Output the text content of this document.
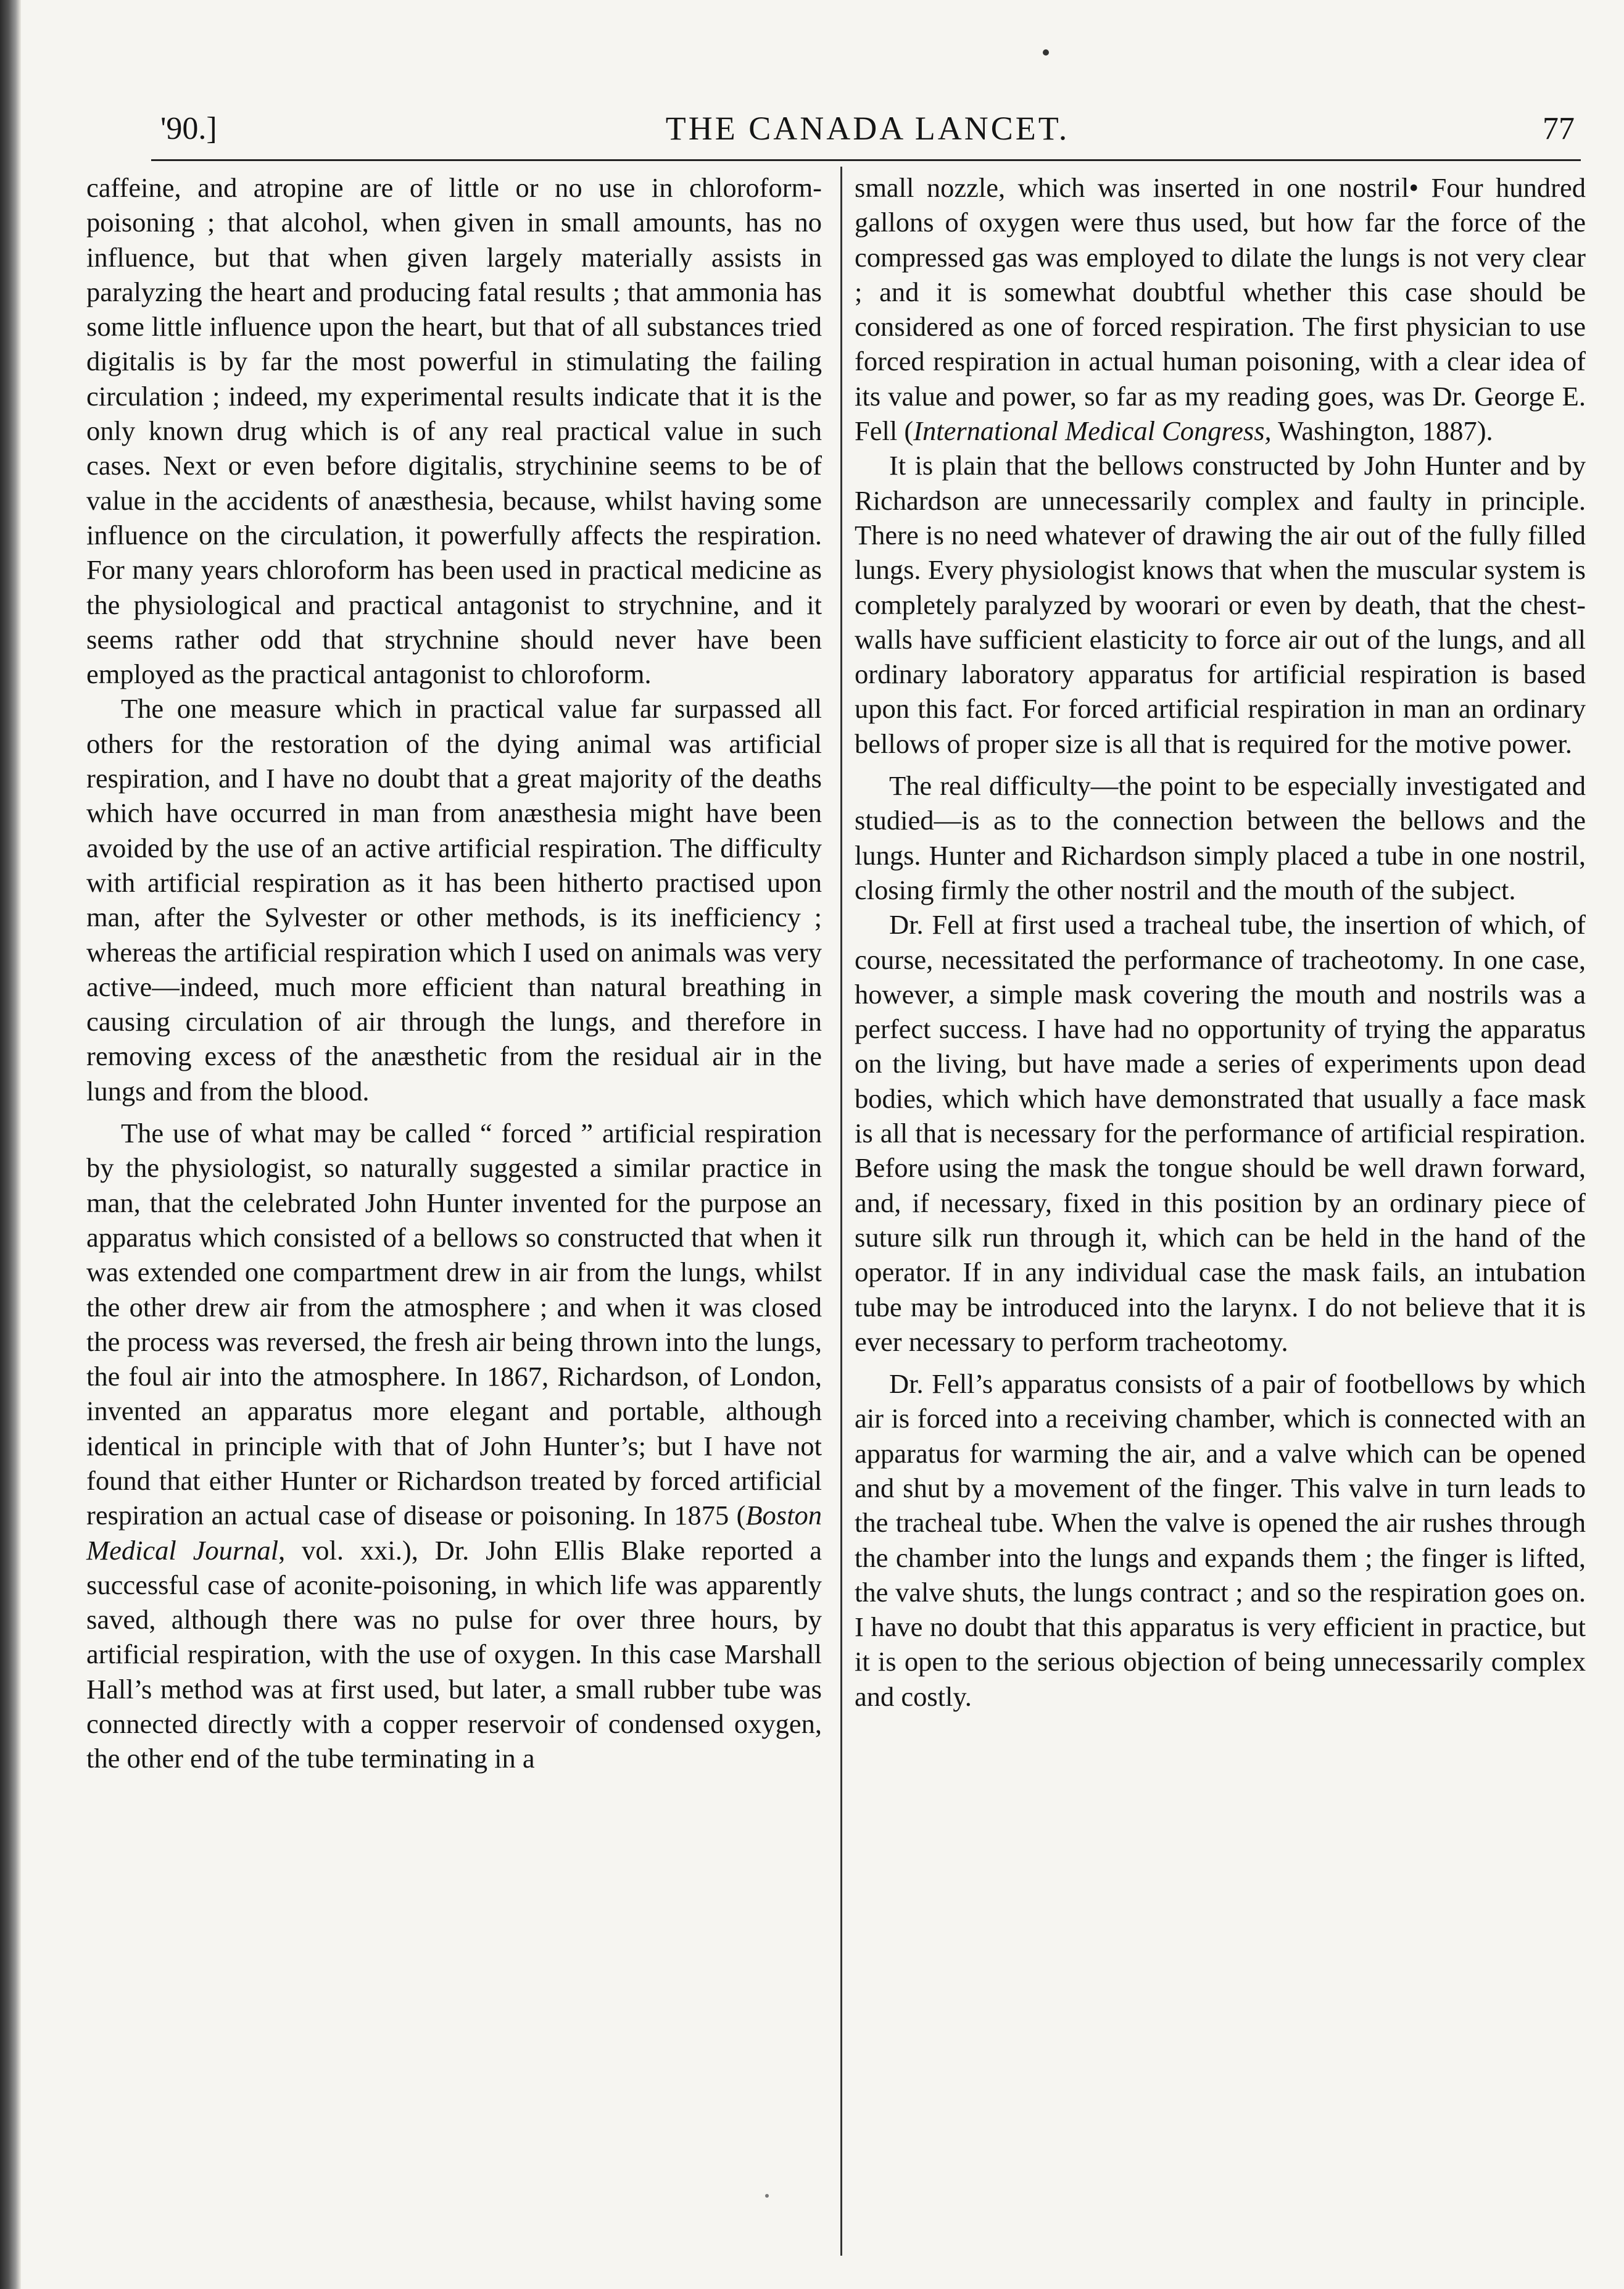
'90.]	THE CANADA LANCET.	77

caffeine, and atropine are of little or no use in chloroform-poisoning ; that alcohol, when given in small amounts, has no influence, but that when given largely materially assists in paralyzing the heart and producing fatal results ; that ammonia has some little influence upon the heart, but that of all substances tried digitalis is by far the most powerful in stimulating the failing circulation ; indeed, my experimental results indicate that it is the only known drug which is of any real practical value in such cases. Next or even before digitalis, strychinine seems to be of value in the accidents of anæsthesia, because, whilst having some influence on the circulation, it powerfully affects the respiration. For many years chloroform has been used in practical medicine as the physiological and practical antagonist to strychnine, and it seems rather odd that strychnine should never have been employed as the practical antagonist to chloroform.

The one measure which in practical value far surpassed all others for the restoration of the dying animal was artificial respiration, and I have no doubt that a great majority of the deaths which have occurred in man from anæsthesia might have been avoided by the use of an active artificial respiration. The difficulty with artificial respiration as it has been hitherto practised upon man, after the Sylvester or other methods, is its inefficiency ; whereas the artificial respiration which I used on animals was very active—indeed, much more efficient than natural breathing in causing circulation of air through the lungs, and therefore in removing excess of the anæsthetic from the residual air in the lungs and from the blood.

The use of what may be called “ forced ” artificial respiration by the physiologist, so naturally suggested a similar practice in man, that the celebrated John Hunter invented for the purpose an apparatus which consisted of a bellows so constructed that when it was extended one compartment drew in air from the lungs, whilst the other drew air from the atmosphere ; and when it was closed the process was reversed, the fresh air being thrown into the lungs, the foul air into the atmosphere. In 1867, Richardson, of London, invented an apparatus more elegant and portable, although identical in principle with that of John Hunter’s; but I have not found that either Hunter or Richardson treated by forced artificial respiration an actual case of disease or poisoning. In 1875 (Boston Medical Journal, vol. xxi.), Dr. John Ellis Blake reported a successful case of aconite-poisoning, in which life was apparently saved, although there was no pulse for over three hours, by artificial respiration, with the use of oxygen. In this case Marshall Hall’s method was at first used, but later, a small rubber tube was connected directly with a copper reservoir of condensed oxygen, the other end of the tube terminating in a

small nozzle, which was inserted in one nostril• Four hundred gallons of oxygen were thus used, but how far the force of the compressed gas was employed to dilate the lungs is not very clear ; and it is somewhat doubtful whether this case should be considered as one of forced respiration. The first physician to use forced respiration in actual human poisoning, with a clear idea of its value and power, so far as my reading goes, was Dr. George E. Fell (International Medical Congress, Washington, 1887).

It is plain that the bellows constructed by John Hunter and by Richardson are unnecessarily complex and faulty in principle. There is no need whatever of drawing the air out of the fully filled lungs. Every physiologist knows that when the muscular system is completely paralyzed by woorari or even by death, that the chest-walls have sufficient elasticity to force air out of the lungs, and all ordinary laboratory apparatus for artificial respiration is based upon this fact. For forced artificial respiration in man an ordinary bellows of proper size is all that is required for the motive power.

The real difficulty—the point to be especially investigated and studied—is as to the connection between the bellows and the lungs. Hunter and Richardson simply placed a tube in one nostril, closing firmly the other nostril and the mouth of the subject.

Dr. Fell at first used a tracheal tube, the insertion of which, of course, necessitated the performance of tracheotomy. In one case, however, a simple mask covering the mouth and nostrils was a perfect success. I have had no opportunity of trying the apparatus on the living, but have made a series of experiments upon dead bodies, which which have demonstrated that usually a face mask is all that is necessary for the performance of artificial respiration. Before using the mask the tongue should be well drawn forward, and, if necessary, fixed in this position by an ordinary piece of suture silk run through it, which can be held in the hand of the operator. If in any individual case the mask fails, an intubation tube may be introduced into the larynx. I do not believe that it is ever necessary to perform tracheotomy.

Dr. Fell’s apparatus consists of a pair of footbellows by which air is forced into a receiving chamber, which is connected with an apparatus for warming the air, and a valve which can be opened and shut by a movement of the finger. This valve in turn leads to the tracheal tube. When the valve is opened the air rushes through the chamber into the lungs and expands them ; the finger is lifted, the valve shuts, the lungs contract ; and so the respiration goes on. I have no doubt that this apparatus is very efficient in practice, but it is open to the serious objection of being unnecessarily complex and costly.
